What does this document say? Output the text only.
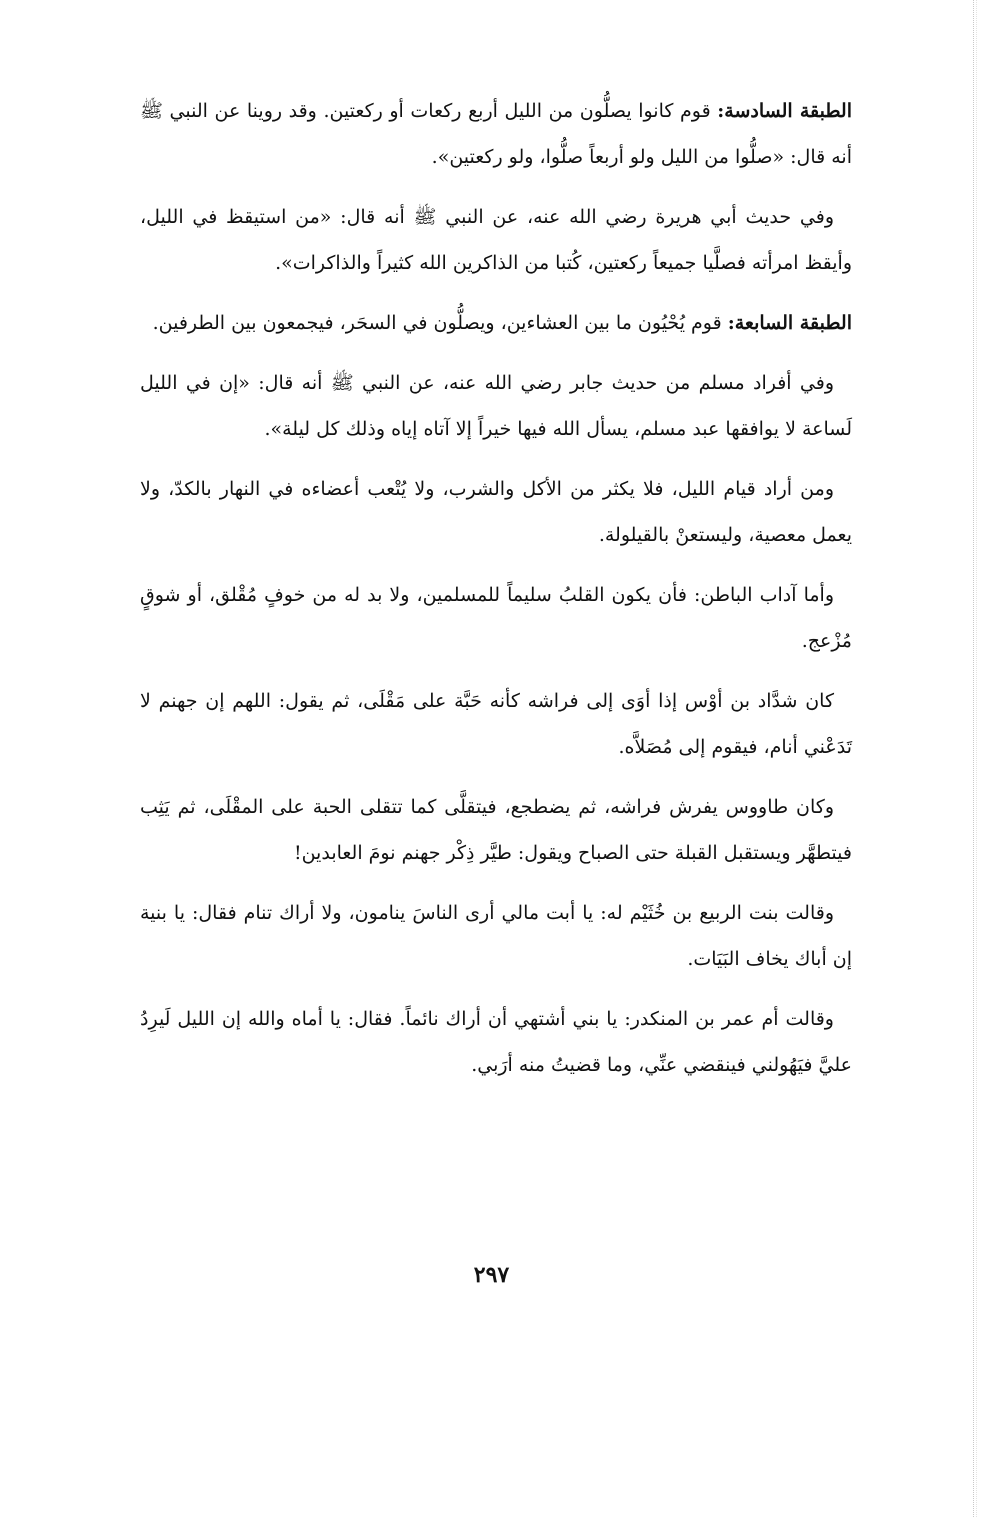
الطبقة السادسة: قوم كانوا يصلُّون من الليل أربع ركعات أو ركعتين. وقد روينا عن النبي ﷺ أنه قال: «صلُّوا من الليل ولو أربعاً صلُّوا، ولو ركعتين».

وفي حديث أبي هريرة رضي الله عنه، عن النبي ﷺ أنه قال: «من استيقظ في الليل، وأيقظ امرأته فصلَّيا جميعاً ركعتين، كُتبا من الذاكرين الله كثيراً والذاكرات».

الطبقة السابعة: قوم يُحْيُون ما بين العشاءين، ويصلُّون في السحَر، فيجمعون بين الطرفين.

وفي أفراد مسلم من حديث جابر رضي الله عنه، عن النبي ﷺ أنه قال: «إن في الليل لَساعة لا يوافقها عبد مسلم، يسأل الله فيها خيراً إلا آتاه إياه وذلك كل ليلة».

ومن أراد قيام الليل، فلا يكثر من الأكل والشرب، ولا يُتْعب أعضاءه في النهار بالكدّ، ولا يعمل معصية، وليستعنْ بالقيلولة.

وأما آداب الباطن: فأن يكون القلبُ سليماً للمسلمين، ولا بد له من خوفٍ مُقْلق، أو شوقٍ مُزْعج.

كان شدَّاد بن أوْس إذا أوَى إلى فراشه كأنه حَبَّة على مَقْلَى، ثم يقول: اللهم إن جهنم لا تَدَعْني أنام، فيقوم إلى مُصَلاَّه.

وكان طاووس يفرش فراشه، ثم يضطجع، فيتقلَّى كما تتقلى الحبة على المقْلَى، ثم يَثِب فيتطهَّر ويستقبل القبلة حتى الصباح ويقول: طيَّر ذِكْر جهنم نومَ العابدين!

وقالت بنت الربيع بن خُثَيْم له: يا أبت مالي أرى الناسَ ينامون، ولا أراك تنام فقال: يا بنية إن أباك يخاف البَيَات.

وقالت أم عمر بن المنكدر: يا بني أشتهي أن أراك نائماً. فقال: يا أماه والله إن الليل لَيرِدُ عليَّ فيَهُولني فينقضي عنِّي، وما قضيتُ منه أرَبي.

٢٩٧
